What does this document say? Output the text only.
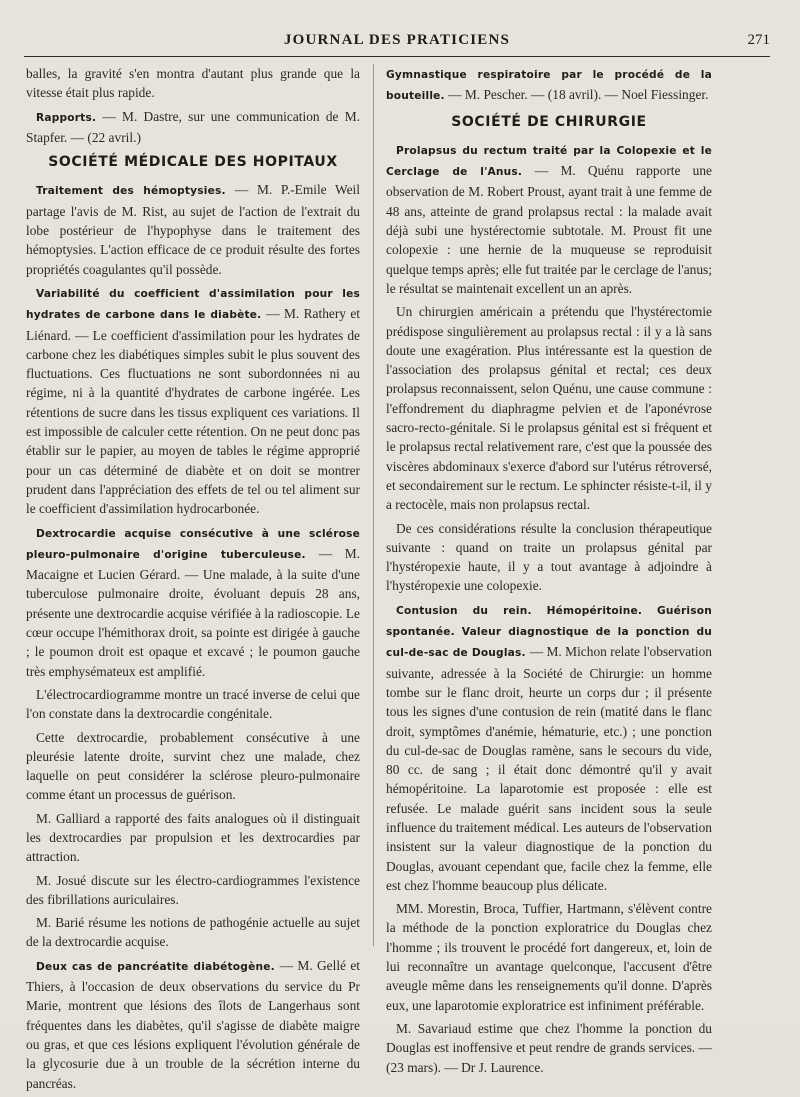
JOURNAL DES PRATICIENS	271

balles, la gravité s'en montra d'autant plus grande que la vitesse était plus rapide.

Rapports. — M. Dastre, sur une communication de M. Stapfer. — (22 avril.)

SOCIÉTÉ MÉDICALE DES HOPITAUX

Traitement des hémoptysies. — M. P.-Emile Weil partage l'avis de M. Rist, au sujet de l'action de l'extrait du lobe postérieur de l'hypophyse dans le traitement des hémoptysies. L'action efficace de ce produit résulte des fortes propriétés coagulantes qu'il possède.

Variabilité du coefficient d'assimilation pour les hydrates de carbone dans le diabète. — M. Rathery et Liénard. — Le coefficient d'assimilation pour les hydrates de carbone chez les diabétiques simples subit le plus souvent des fluctuations. Ces fluctuations ne sont subordonnées ni au régime, ni à la quantité d'hydrates de carbone ingérée. Les rétentions de sucre dans les tissus expliquent ces variations. Il est impossible de calculer cette rétention. On ne peut donc pas établir sur le papier, au moyen de tables le régime approprié pour un cas déterminé de diabète et on doit se montrer prudent dans l'appréciation des effets de tel ou tel aliment sur le coefficient d'assimilation hydrocarbonée.

Dextrocardie acquise consécutive à une sclérose pleuro-pulmonaire d'origine tuberculeuse. — M. Macaigne et Lucien Gérard. — Une malade, à la suite d'une tuberculose pulmonaire droite, évoluant depuis 28 ans, présente une dextrocardie acquise vérifiée à la radioscopie. Le cœur occupe l'hémithorax droit, sa pointe est dirigée à gauche ; le poumon droit est opaque et excavé ; le poumon gauche très emphysémateux est amplifié.

L'électrocardiogramme montre un tracé inverse de celui que l'on constate dans la dextrocardie congénitale.

Cette dextrocardie, probablement consécutive à une pleurésie latente droite, survint chez une malade, chez laquelle on peut considérer la sclérose pleuro-pulmonaire comme étant un processus de guérison.

M. Galliard a rapporté des faits analogues où il distinguait les dextrocardies par propulsion et les dextrocardies par attraction.

M. Josué discute sur les électro-cardiogrammes l'existence des fibrillations auriculaires.

M. Barié résume les notions de pathogénie actuelle au sujet de la dextrocardie acquise.

Deux cas de pancréatite diabétogène. — M. Gellé et Thiers, à l'occasion de deux observations du service du Pr Marie, montrent que lésions des îlots de Langerhaus sont fréquentes dans les diabètes, qu'il s'agisse de diabète maigre ou gras, et que ces lésions expliquent l'évolution générale de la glycosurie due à un trouble de la sécrétion interne du pancréas.

Gymnastique respiratoire par le procédé de la bouteille. — M. Pescher. — (18 avril). — Noel Fiessinger.

SOCIÉTÉ DE CHIRURGIE

Prolapsus du rectum traité par la Colopexie et le Cerclage de l'Anus. — M. Quénu rapporte une observation de M. Robert Proust, ayant trait à une femme de 48 ans, atteinte de grand prolapsus rectal : la malade avait déjà subi une hystérectomie subtotale. M. Proust fit une colopexie : une hernie de la muqueuse se reproduisit quelque temps après; elle fut traitée par le cerclage de l'anus; le résultat se maintenait excellent un an après.

Un chirurgien américain a prétendu que l'hystérectomie prédispose singulièrement au prolapsus rectal : il y a là sans doute une exagération. Plus intéressante est la question de l'association des prolapsus génital et rectal; ces deux prolapsus reconnaissent, selon Quénu, une cause commune : l'effondrement du diaphragme pelvien et de l'aponévrose sacro-recto-génitale. Si le prolapsus génital est si fréquent et le prolapsus rectal relativement rare, c'est que la poussée des viscères abdominaux s'exerce d'abord sur l'utérus rétroversé, et secondairement sur le rectum. Le sphincter résiste-t-il, il y a rectocèle, mais non prolapsus rectal.

De ces considérations résulte la conclusion thérapeutique suivante : quand on traite un prolapsus génital par l'hystéropexie haute, il y a tout avantage à adjoindre à l'hystéropexie une colopexie.

Contusion du rein. Hémopéritoine. Guérison spontanée. Valeur diagnostique de la ponction du cul-de-sac de Douglas. — M. Michon relate l'observation suivante, adressée à la Société de Chirurgie: un homme tombe sur le flanc droit, heurte un corps dur ; il présente tous les signes d'une contusion de rein (matité dans le flanc droit, symptômes d'anémie, hématurie, etc.) ; une ponction du cul-de-sac de Douglas ramène, sans le secours du vide, 80 cc. de sang ; il était donc démontré qu'il y avait hémopéritoine. La laparotomie est proposée : elle est refusée. Le malade guérit sans incident sous la seule influence du traitement médical. Les auteurs de l'observation insistent sur la valeur diagnostique de la ponction du Douglas, avouant cependant que, facile chez la femme, elle est chez l'homme beaucoup plus délicate.

MM. Morestin, Broca, Tuffier, Hartmann, s'élèvent contre la méthode de la ponction exploratrice du Douglas chez l'homme ; ils trouvent le procédé fort dangereux, et, loin de lui reconnaître un avantage quelconque, l'accusent d'être aveugle même dans les renseignements qu'il donne. D'après eux, une laparotomie exploratrice est infiniment préférable.

M. Savariaud estime que chez l'homme la ponction du Douglas est inoffensive et peut rendre de grands services. — (23 mars). — Dr J. Laurence.
